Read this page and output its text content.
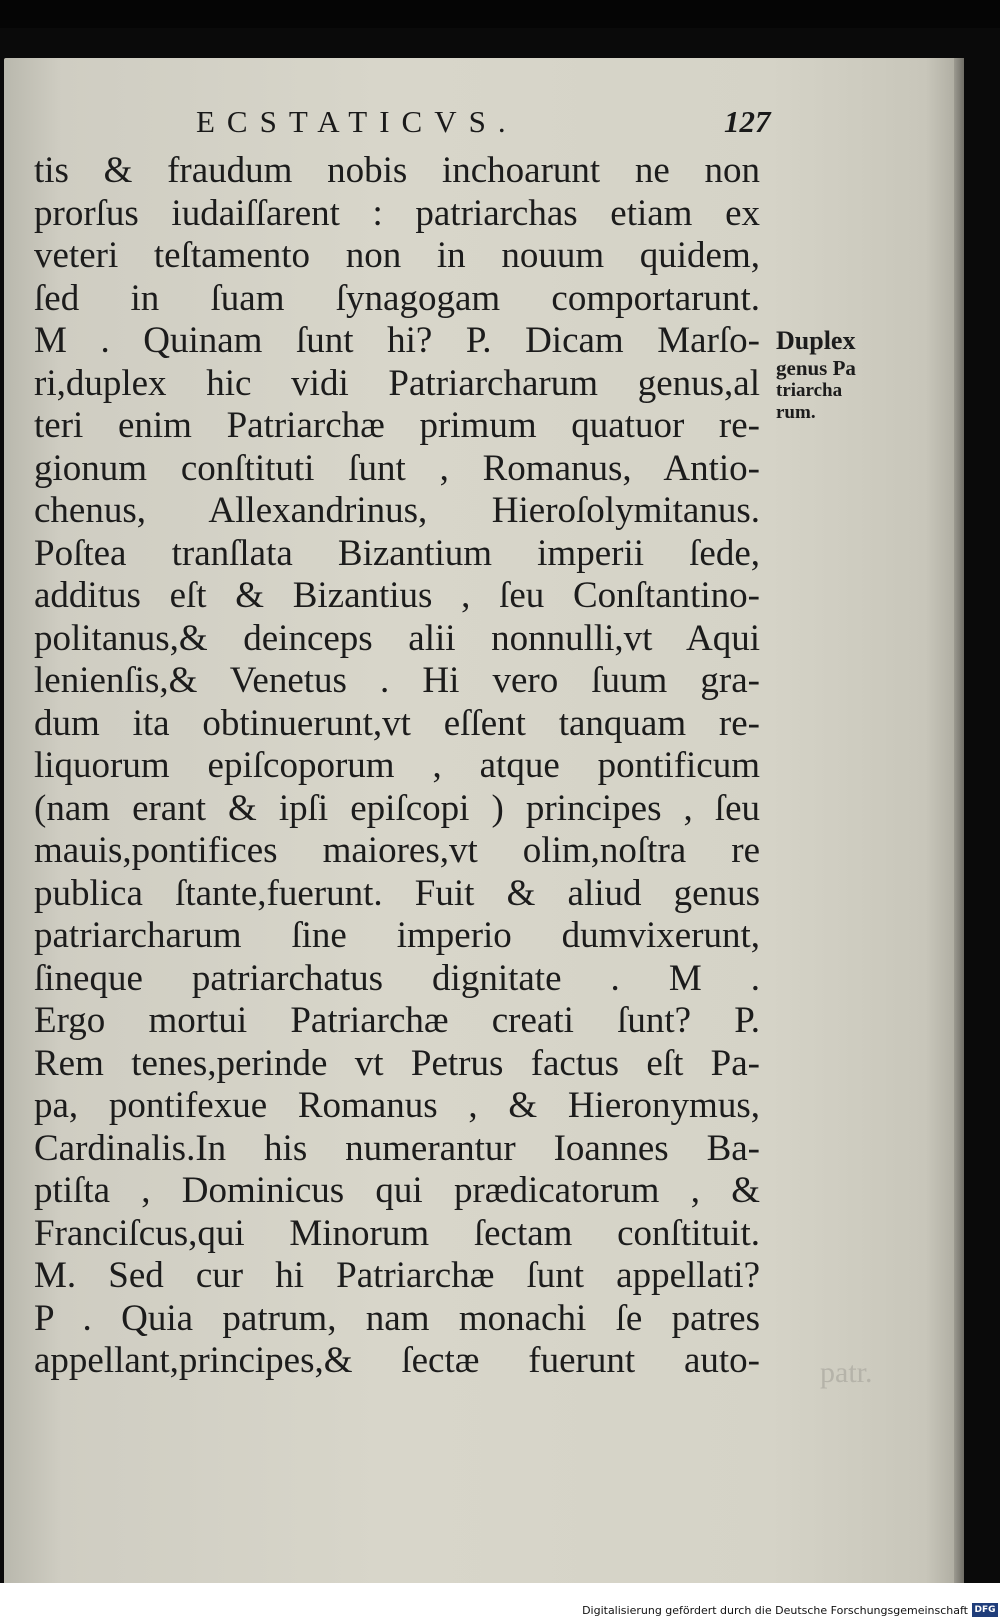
ECSTATICVS.	127
tis & fraudum nobis inchoarunt ne non
prorſus iudaiſſarent : patriarchas etiam ex
veteri teſtamento non in nouum quidem,
ſed in ſuam ſynagogam comportarunt.
M . Quinam ſunt hi? P. Dicam Marſo-
ri,duplex hic vidi Patriarcharum genus,al
teri enim Patriarchæ primum quatuor re-
gionum conſtituti ſunt , Romanus, Antio-
chenus, Allexandrinus, Hieroſolymitanus.
Poſtea tranſlata Bizantium imperii ſede,
additus eſt & Bizantius , ſeu Conſtantino-
politanus,& deinceps alii nonnulli,vt Aqui
lenienſis,& Venetus . Hi vero ſuum gra-
dum ita obtinuerunt,vt eſſent tanquam re-
liquorum epiſcoporum , atque pontificum
(nam erant & ipſi epiſcopi ) principes , ſeu
mauis,pontifices maiores,vt olim,noſtra re
publica ſtante,fuerunt. Fuit & aliud genus
patriarcharum ſine imperio dumvixerunt,
ſineque patriarchatus dignitate . M .
Ergo mortui Patriarchæ creati ſunt? P.
Rem tenes,perinde vt Petrus factus eſt Pa-
pa, pontifexue Romanus , & Hieronymus,
Cardinalis.In his numerantur Ioannes Ba-
ptiſta , Dominicus qui prædicatorum , &
Franciſcus,qui Minorum ſectam conſtituit.
M. Sed cur hi Patriarchæ ſunt appellati?
P . Quia patrum, nam monachi ſe patres
appellant,principes,& ſectæ fuerunt auto-
Duplex
genus Pa
triarcha
rum.
patr.
Digitalisierung gefördert durch die Deutsche Forschungsgemeinschaft DFG
